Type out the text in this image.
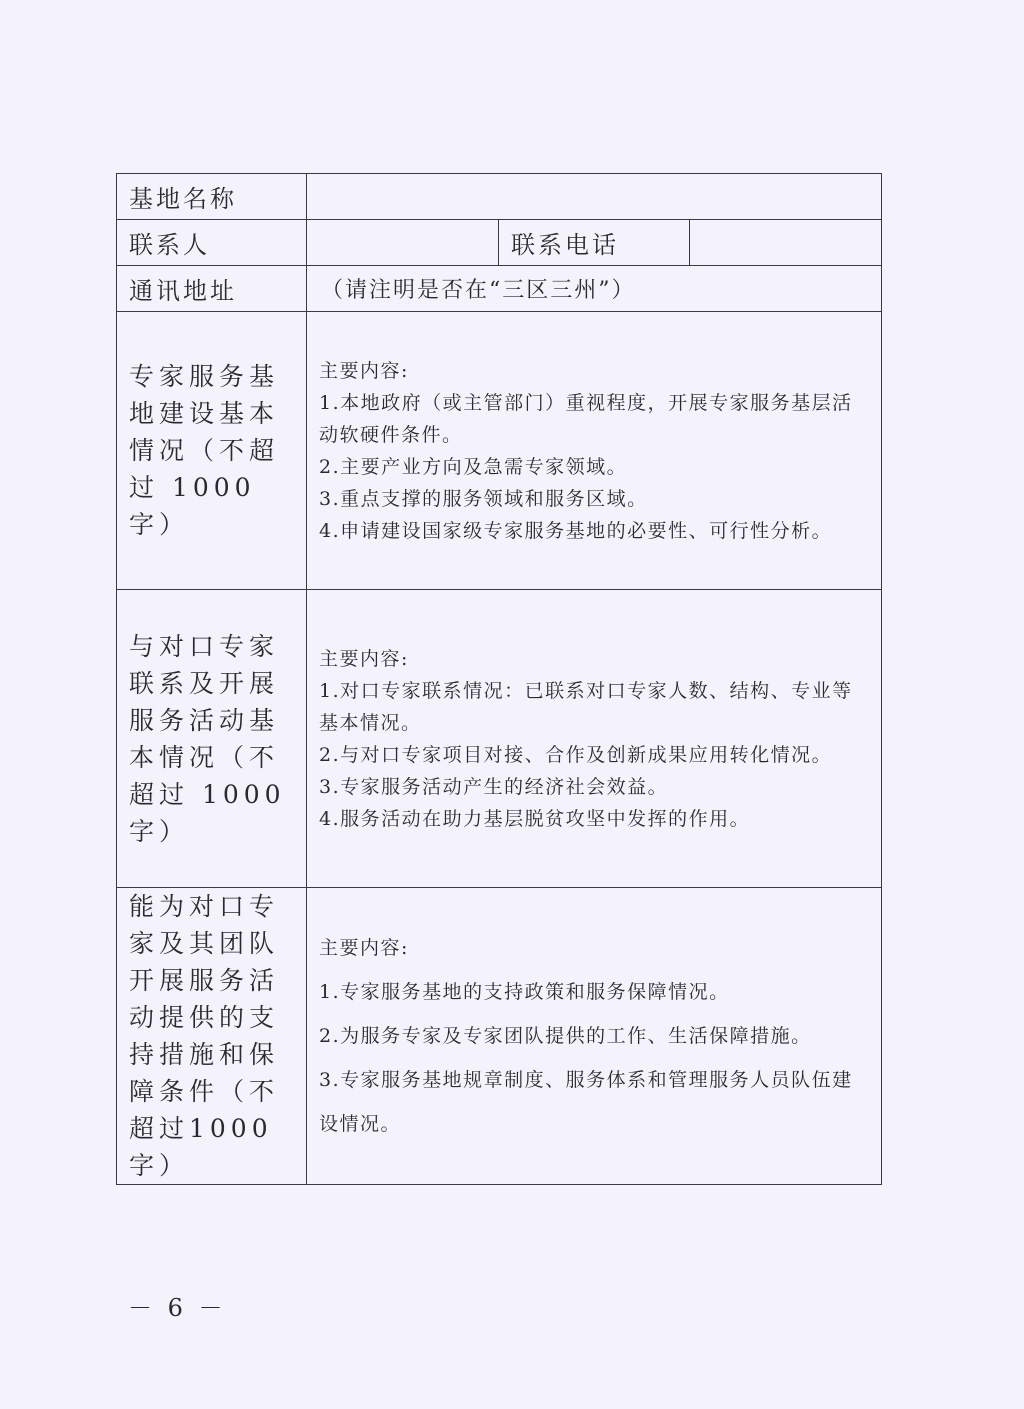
基地名称			
联系人		联系电话	
通讯地址	（请注明是否在“三区三州”）		
专家服务基地建设基本情况（不超过 1000 字）	主要内容:

1.本地政府（或主管部门）重视程度，开展专家服务基层活动软硬件条件。

2.主要产业方向及急需专家领域。

3.重点支撑的服务领域和服务区域。

4.申请建设国家级专家服务基地的必要性、可行性分析。		

与对口专家联系及开展服务活动基本情况（不超过 1000 字）	主要内容:

1.对口专家联系情况：已联系对口专家人数、结构、专业等基本情况。

2.与对口专家项目对接、合作及创新成果应用转化情况。

3.专家服务活动产生的经济社会效益。

4.服务活动在助力基层脱贫攻坚中发挥的作用。		

能为对口专家及其团队开展服务活动提供的支持措施和保障条件（不超过1000字）	主要内容:

1.专家服务基地的支持政策和服务保障情况。

2.为服务专家及专家团队提供的工作、生活保障措施。

3.专家服务基地规章制度、服务体系和管理服务人员队伍建设情况。		

－ 6 －
